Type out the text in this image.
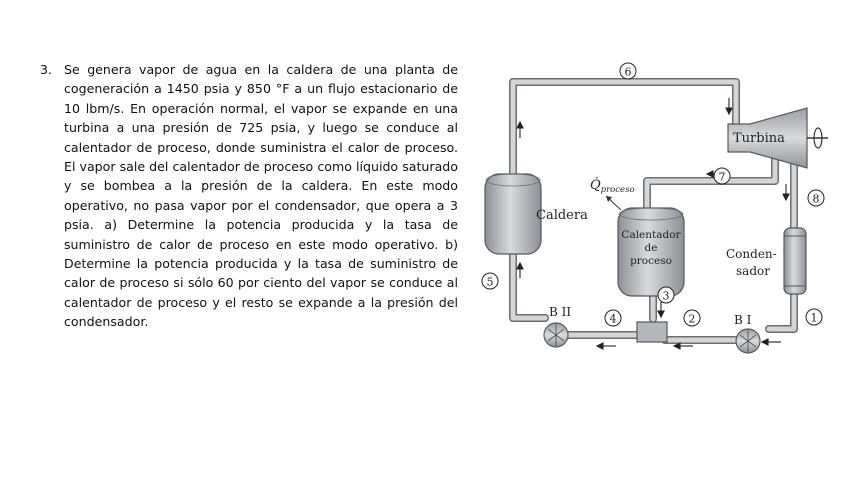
3. Se genera vapor de agua en la caldera de una planta de cogeneración a 1450 psia y 850 °F a un flujo estacionario de 10 lbm/s. En operación normal, el vapor se expande en una turbina a una presión de 725 psia, y luego se conduce al calentador de proceso, donde suministra el calor de proceso. El vapor sale del calentador de proceso como líquido saturado y se bombea a la presión de la caldera. En este modo operativo, no pasa vapor por el condensador, que opera a 3 psia. a) Determine la potencia producida y la tasa de suministro de calor de proceso en este modo operativo. b) Determine la potencia producida y la tasa de suministro de calor de proceso si sólo 60 por ciento del vapor se conduce al calentador de proceso y el resto se expande a la presión del condensador.
Caldera
Turbina
Calentador
de
proceso	Conden-
sador
B II
B I
$Q̇_{proceso}$
6
7
8
5
3
4	2	1
